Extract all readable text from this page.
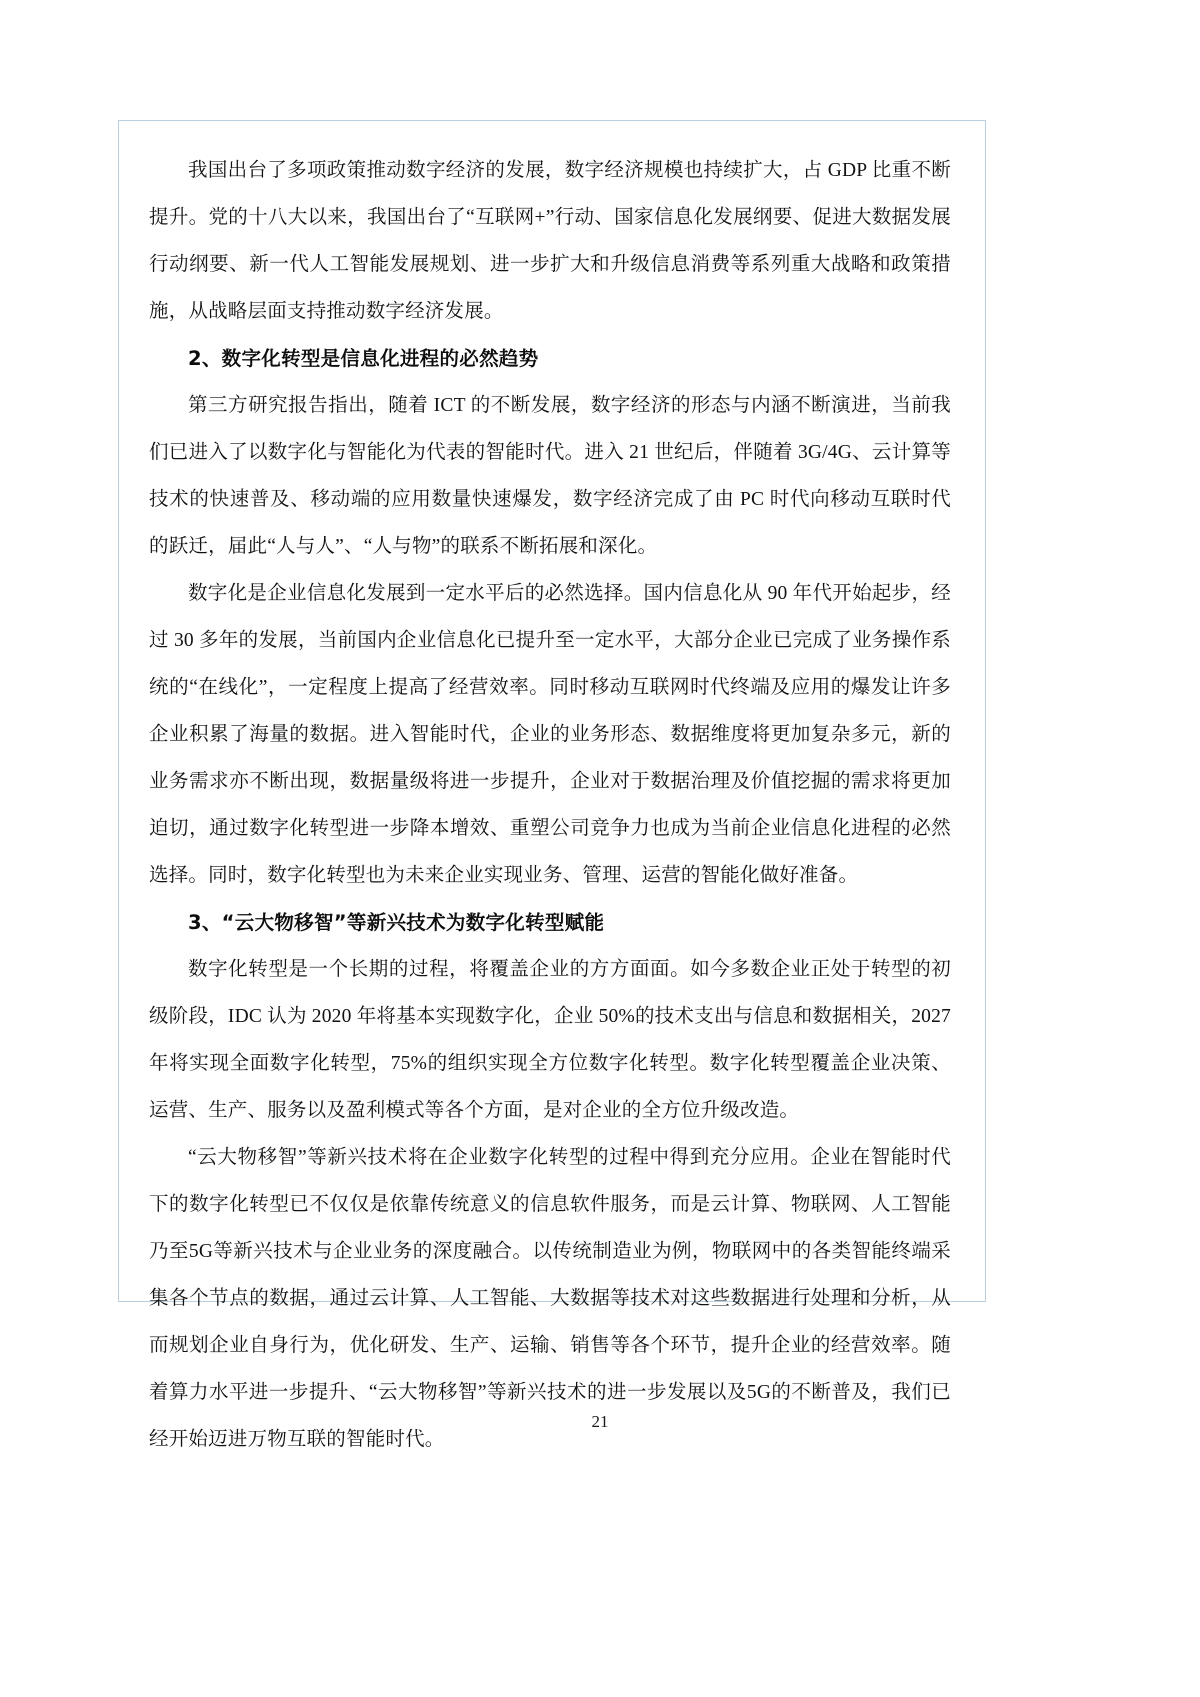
我国出台了多项政策推动数字经济的发展，数字经济规模也持续扩大，占 GDP 比重不断提升。党的十八大以来，我国出台了“互联网+”行动、国家信息化发展纲要、促进大数据发展行动纲要、新一代人工智能发展规划、进一步扩大和升级信息消费等系列重大战略和政策措施，从战略层面支持推动数字经济发展。

2、数字化转型是信息化进程的必然趋势

第三方研究报告指出，随着 ICT 的不断发展，数字经济的形态与内涵不断演进，当前我们已进入了以数字化与智能化为代表的智能时代。进入 21 世纪后，伴随着 3G/4G、云计算等技术的快速普及、移动端的应用数量快速爆发，数字经济完成了由 PC 时代向移动互联时代的跃迁，届此“人与人”、“人与物”的联系不断拓展和深化。

数字化是企业信息化发展到一定水平后的必然选择。国内信息化从 90 年代开始起步，经过 30 多年的发展，当前国内企业信息化已提升至一定水平，大部分企业已完成了业务操作系统的“在线化”，一定程度上提高了经营效率。同时移动互联网时代终端及应用的爆发让许多企业积累了海量的数据。进入智能时代，企业的业务形态、数据维度将更加复杂多元，新的业务需求亦不断出现，数据量级将进一步提升，企业对于数据治理及价值挖掘的需求将更加迫切，通过数字化转型进一步降本增效、重塑公司竞争力也成为当前企业信息化进程的必然选择。同时，数字化转型也为未来企业实现业务、管理、运营的智能化做好准备。

3、“云大物移智”等新兴技术为数字化转型赋能

数字化转型是一个长期的过程，将覆盖企业的方方面面。如今多数企业正处于转型的初级阶段，IDC 认为 2020 年将基本实现数字化，企业 50%的技术支出与信息和数据相关，2027 年将实现全面数字化转型，75%的组织实现全方位数字化转型。数字化转型覆盖企业决策、运营、生产、服务以及盈利模式等各个方面，是对企业的全方位升级改造。

“云大物移智”等新兴技术将在企业数字化转型的过程中得到充分应用。企业在智能时代下的数字化转型已不仅仅是依靠传统意义的信息软件服务，而是云计算、物联网、人工智能乃至5G等新兴技术与企业业务的深度融合。以传统制造业为例，物联网中的各类智能终端采集各个节点的数据，通过云计算、人工智能、大数据等技术对这些数据进行处理和分析，从而规划企业自身行为，优化研发、生产、运输、销售等各个环节，提升企业的经营效率。随着算力水平进一步提升、“云大物移智”等新兴技术的进一步发展以及5G的不断普及，我们已经开始迈进万物互联的智能时代。

21
